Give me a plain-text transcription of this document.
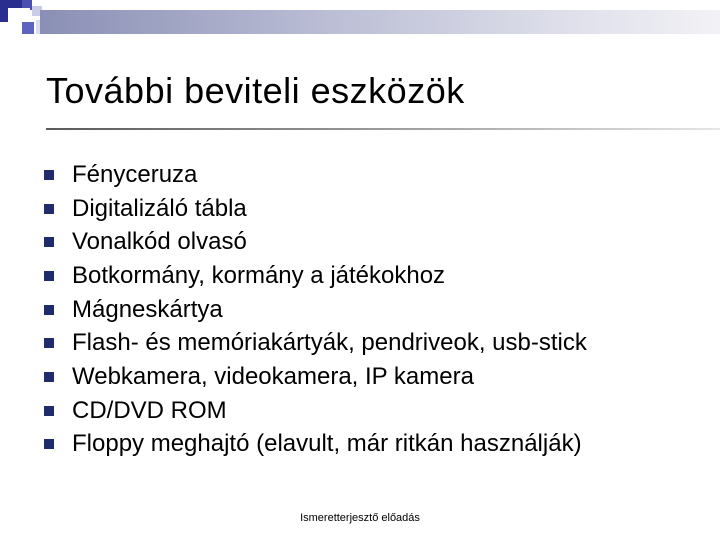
További beviteli eszközök
Fényceruza
Digitalizáló tábla
Vonalkód olvasó
Botkormány, kormány a játékokhoz
Mágneskártya
Flash- és memóriakártyák, pendriveok, usb-stick
Webkamera, videokamera, IP kamera
CD/DVD ROM
Floppy meghajtó (elavult, már ritkán használják)
Ismeretterjesztő előadás
